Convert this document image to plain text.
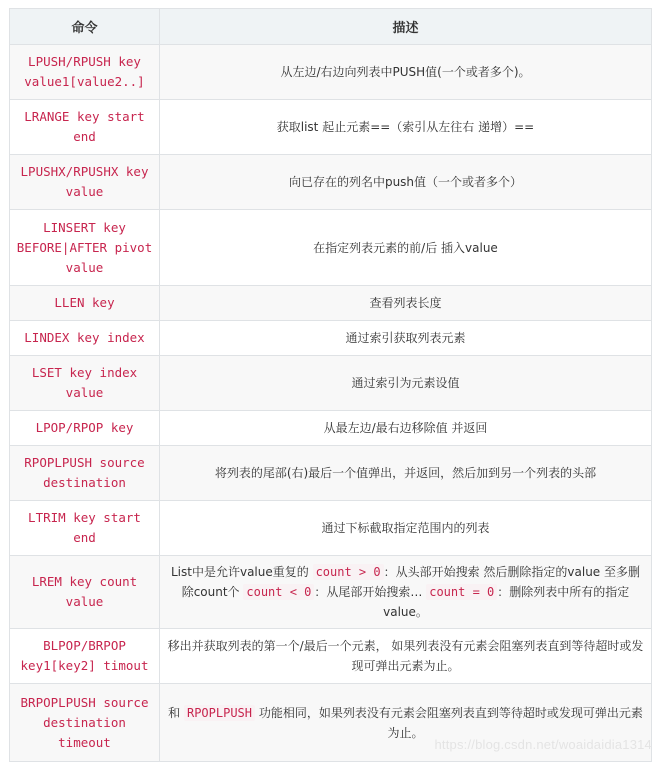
命令	描述
LPUSH/RPUSH key value1[value2..]	从左边/右边向列表中PUSH值(一个或者多个)。
LRANGE key start end	获取list 起止元素==（索引从左往右 递增）==
LPUSHX/RPUSHX key value	向已存在的列名中push值（一个或者多个）
LINSERT key BEFORE|AFTER pivot value	在指定列表元素的前/后 插入value
LLEN key	查看列表长度
LINDEX key index	通过索引获取列表元素
LSET key index value	通过索引为元素设值
LPOP/RPOP key	从最左边/最右边移除值 并返回
RPOPLPUSH source destination	将列表的尾部(右)最后一个值弹出，并返回，然后加到另一个列表的头部
LTRIM key start end	通过下标截取指定范围内的列表
LREM key count value	List中是允许value重复的 count > 0 ：从头部开始搜索 然后删除指定的value 至多删除count个 count < 0 ：从尾部开始搜索… count = 0 ：删除列表中所有的指定value。
BLPOP/BRPOP key1[key2] timout	移出并获取列表的第一个/最后一个元素， 如果列表没有元素会阻塞列表直到等待超时或发现可弹出元素为止。
BRPOPLPUSH source destination timeout	和 RPOPLPUSH 功能相同，如果列表没有元素会阻塞列表直到等待超时或发现可弹出元素为止。
https://blog.csdn.net/woaidaidia1314
